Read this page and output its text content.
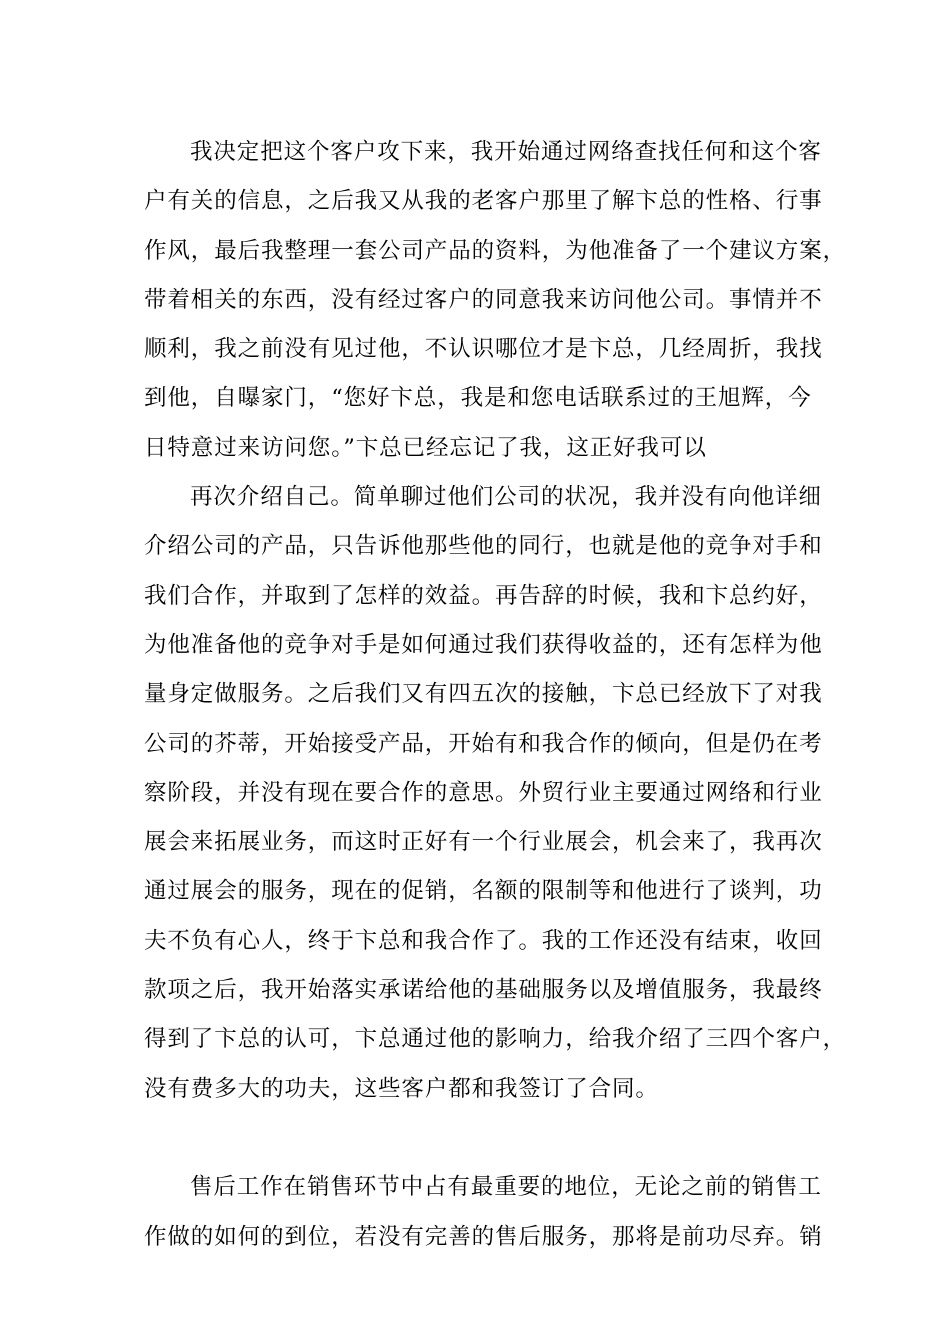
我决定把这个客户攻下来，我开始通过网络查找任何和这个客
户有关的信息，之后我又从我的老客户那里了解卞总的性格、行事
作风，最后我整理一套公司产品的资料，为他准备了一个建议方案，
带着相关的东西，没有经过客户的同意我来访问他公司。事情并不
顺利，我之前没有见过他，不认识哪位才是卞总，几经周折，我找
到他，自曝家门，“您好卞总，我是和您电话联系过的王旭辉，今
日特意过来访问您。”卞总已经忘记了我，这正好我可以
再次介绍自己。简单聊过他们公司的状况，我并没有向他详细
介绍公司的产品，只告诉他那些他的同行，也就是他的竞争对手和
我们合作，并取到了怎样的效益。再告辞的时候，我和卞总约好，
为他准备他的竞争对手是如何通过我们获得收益的，还有怎样为他
量身定做服务。之后我们又有四五次的接触，卞总已经放下了对我
公司的芥蒂，开始接受产品，开始有和我合作的倾向，但是仍在考
察阶段，并没有现在要合作的意思。外贸行业主要通过网络和行业
展会来拓展业务，而这时正好有一个行业展会，机会来了，我再次
通过展会的服务，现在的促销，名额的限制等和他进行了谈判，功
夫不负有心人，终于卞总和我合作了。我的工作还没有结束，收回
款项之后，我开始落实承诺给他的基础服务以及增值服务，我最终
得到了卞总的认可，卞总通过他的影响力，给我介绍了三四个客户，
没有费多大的功夫，这些客户都和我签订了合同。
售后工作在销售环节中占有最重要的地位，无论之前的销售工
作做的如何的到位，若没有完善的售后服务，那将是前功尽弃。销
